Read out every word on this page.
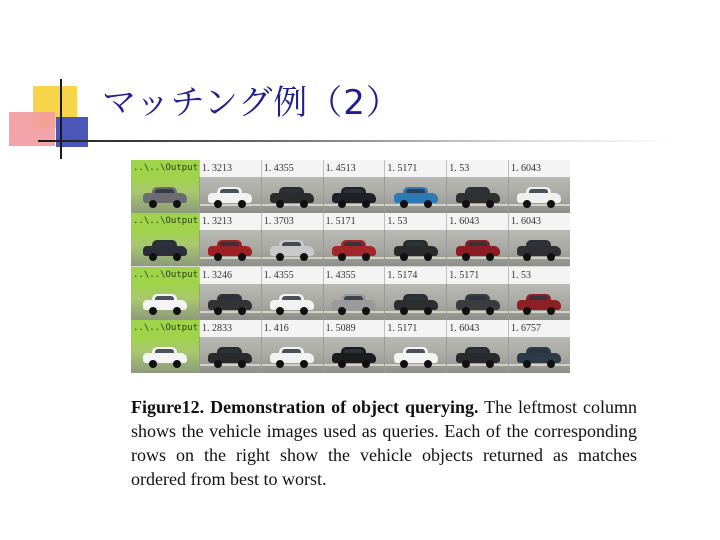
マッチング例（2）
..\..\Output 1. 3213	1. 4355	1. 4513	1. 5171	1. 53	1. 6043
..\..\Output 1. 3213	1. 3703	1. 5171	1. 53	1. 6043	1. 6043
..\..\Output 1. 3246	1. 4355	1. 4355	1. 5174	1. 5171	1. 53
..\..\Output 1. 2833	1. 416	1. 5089	1. 5171	1. 6043	1. 6757
Figure12. Demonstration of object querying. The leftmost column shows the vehicle images used as queries. Each of the corresponding rows on the right show the vehicle objects returned as matches ordered from best to worst.
